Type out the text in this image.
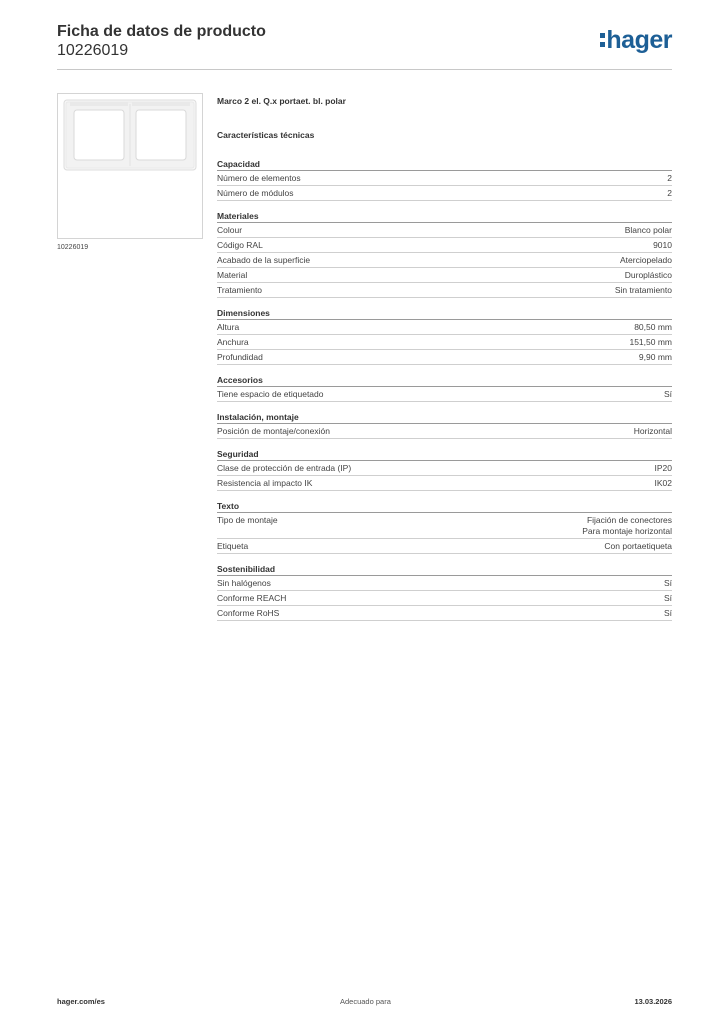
Ficha de datos de producto
10226019	hager
10226019
Marco 2 el. Q.x portaet. bl. polar
Características técnicas
Capacidad
Número de elementos	2
Número de módulos	2
Materiales
Colour	Blanco polar
Código RAL	9010
Acabado de la superficie	Aterciopelado
Material	Duroplástico
Tratamiento	Sin tratamiento
Dimensiones
Altura	80,50 mm
Anchura	151,50 mm
Profundidad	9,90 mm
Accesorios
Tiene espacio de etiquetado	Sí
Instalación, montaje
Posición de montaje/conexión	Horizontal
Seguridad
Clase de protección de entrada (IP)	IP20
Resistencia al impacto IK	IK02
Texto
Tipo de montaje	Fijación de conectores
Para montaje horizontal
Etiqueta	Con portaetiqueta
Sostenibilidad
Sin halógenos	Sí
Conforme REACH	Sí
Conforme RoHS	Sí
hager.com/es	Adecuado para	13.03.2026
